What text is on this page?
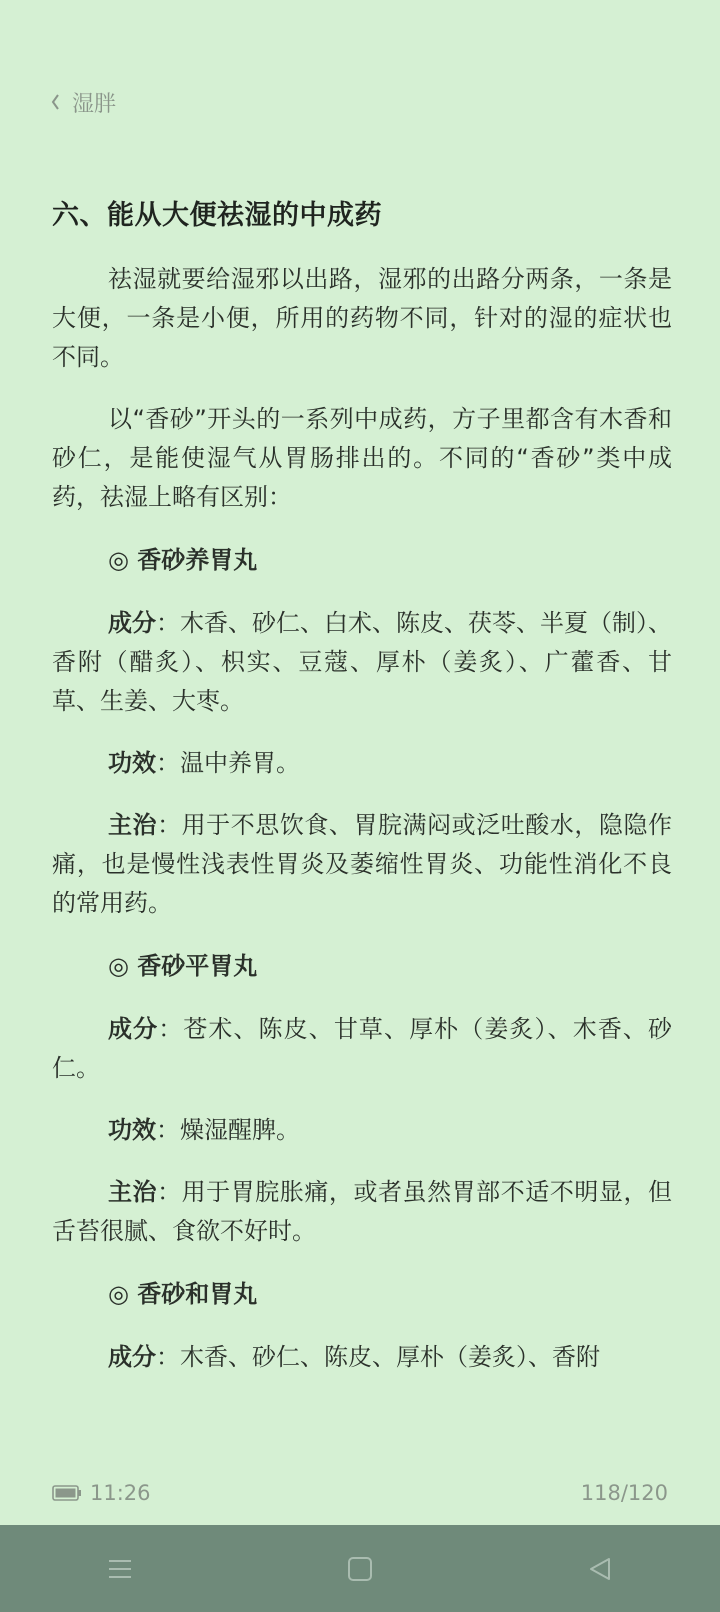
湿胖
六、能从大便祛湿的中成药
祛湿就要给湿邪以出路，湿邪的出路分两条，一条是大便，一条是小便，所用的药物不同，针对的湿的症状也不同。
以“香砂”开头的一系列中成药，方子里都含有木香和砂仁，是能使湿气从胃肠排出的。不同的“香砂”类中成药，祛湿上略有区别：
◎ 香砂养胃丸
成分：木香、砂仁、白术、陈皮、茯苓、半夏（制）、香附（醋炙）、枳实、豆蔻、厚朴（姜炙）、广藿香、甘草、生姜、大枣。
功效：温中养胃。
主治：用于不思饮食、胃脘满闷或泛吐酸水，隐隐作痛，也是慢性浅表性胃炎及萎缩性胃炎、功能性消化不良的常用药。
◎ 香砂平胃丸
成分：苍术、陈皮、甘草、厚朴（姜炙）、木香、砂仁。
功效：燥湿醒脾。
主治：用于胃脘胀痛，或者虽然胃部不适不明显，但舌苔很腻、食欲不好时。
◎ 香砂和胃丸
成分：木香、砂仁、陈皮、厚朴（姜炙）、香附
11:26	118/120
